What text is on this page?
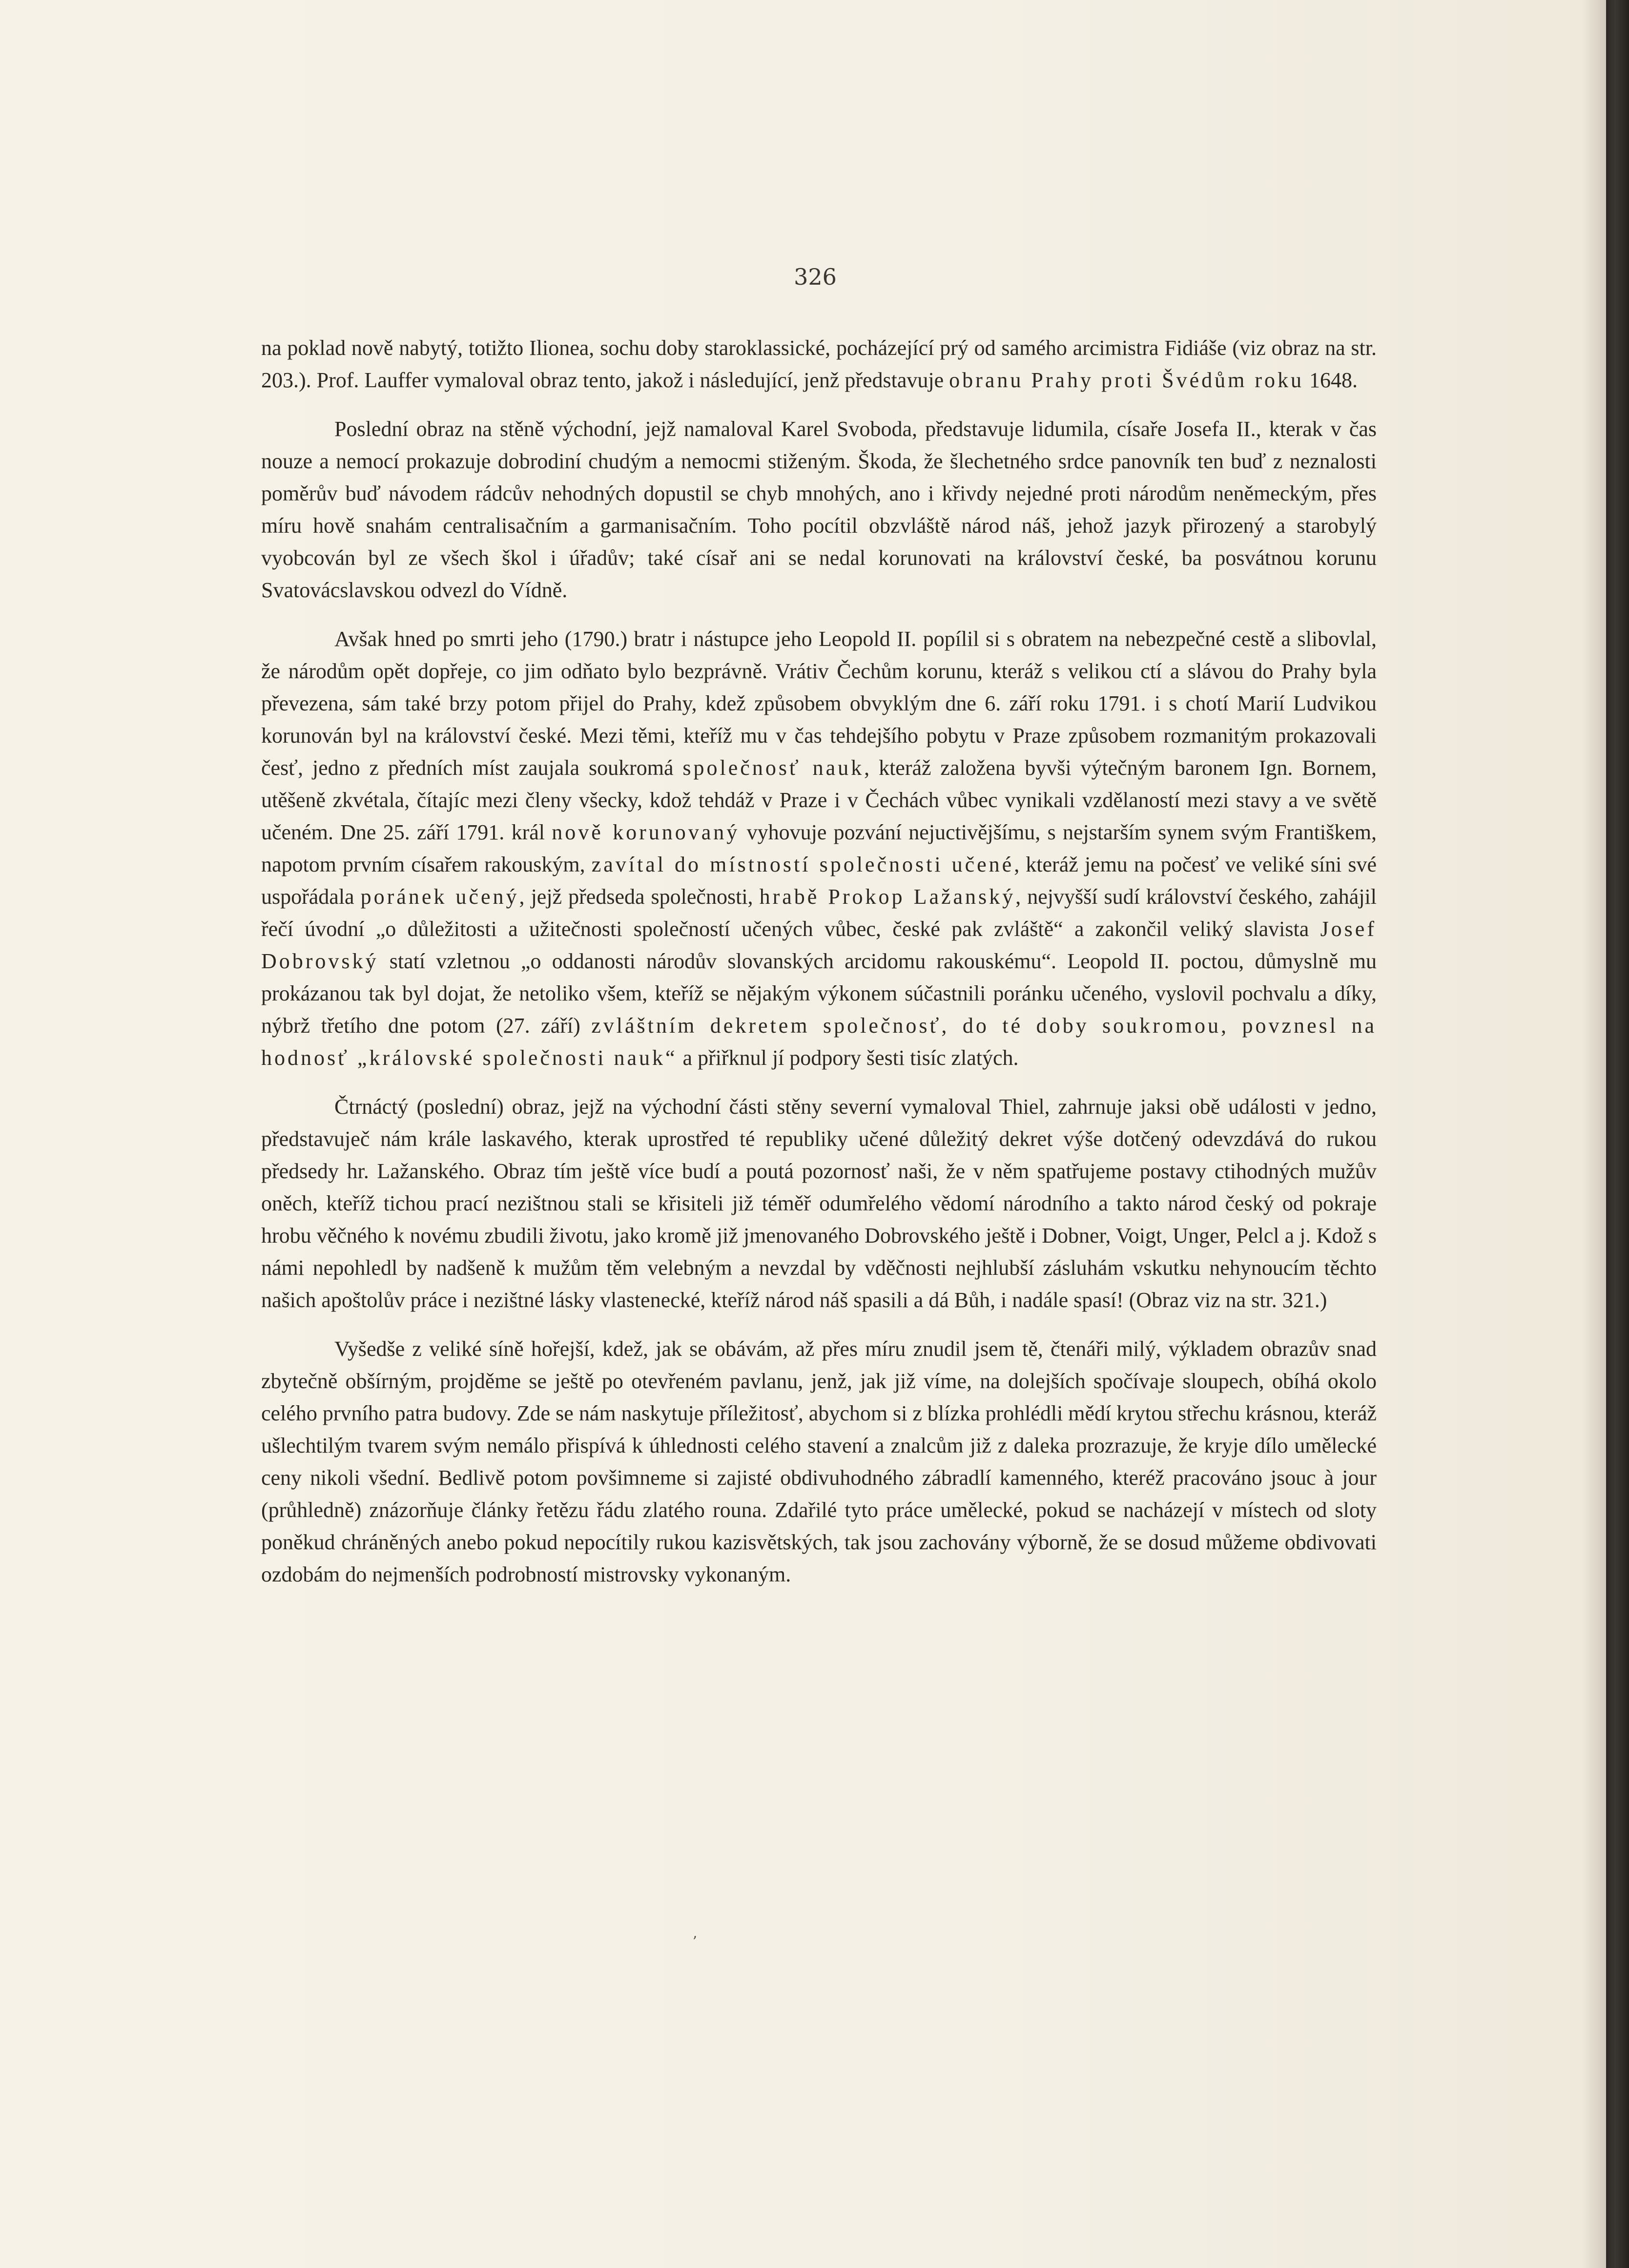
326

na poklad nově nabytý, totižto Ilionea, sochu doby staroklassické, pocházející prý od samého arcimistra Fidiáše (viz obraz na str. 203.). Prof. Lauffer vymaloval obraz tento, jakož i následující, jenž představuje obranu Prahy proti Švédům roku 1648.

Poslední obraz na stěně východní, jejž namaloval Karel Svoboda, představuje lidumila, císaře Josefa II., kterak v čas nouze a nemocí prokazuje dobrodiní chudým a nemocmi stiženým. Škoda, že šlechetného srdce panovník ten buď z neznalosti poměrův buď návodem rádcův nehodných dopustil se chyb mnohých, ano i křivdy nejedné proti národům neněmeckým, přes míru hově snahám centralisačním a garmanisačním. Toho pocítil obzvláště národ náš, jehož jazyk přirozený a starobylý vyobcován byl ze všech škol i úřadův; také císař ani se nedal korunovati na království české, ba posvátnou korunu Svatovácslavskou odvezl do Vídně.

Avšak hned po smrti jeho (1790.) bratr i nástupce jeho Leopold II. popílil si s obratem na nebezpečné cestě a slibovlal, že národům opět dopřeje, co jim odňato bylo bezprávně. Vrátiv Čechům korunu, kteráž s velikou ctí a slávou do Prahy byla převezena, sám také brzy potom přijel do Prahy, kdež způsobem obvyklým dne 6. září roku 1791. i s chotí Marií Ludvikou korunován byl na království české. Mezi těmi, kteříž mu v čas tehdejšího pobytu v Praze způsobem rozmanitým prokazovali česť, jedno z předních míst zaujala soukromá společnosť nauk, kteráž založena byvši výtečným baronem Ign. Bornem, utěšeně zkvétala, čítajíc mezi členy všecky, kdož tehdáž v Praze i v Čechách vůbec vynikali vzdělaností mezi stavy a ve světě učeném. Dne 25. září 1791. král nově korunovaný vyhovuje pozvání nejuctivějšímu, s nejstarším synem svým Františkem, napotom prvním císařem rakouským, zavítal do místností společnosti učené, kteráž jemu na počesť ve veliké síni své uspořádala poránek učený, jejž předseda společnosti, hrabě Prokop Lažanský, nejvyšší sudí království českého, zahájil řečí úvodní „o důležitosti a užitečnosti společností učených vůbec, české pak zvláště“ a zakončil veliký slavista Josef Dobrovský statí vzletnou „o oddanosti národův slovanských arcidomu rakouskému“. Leopold II. poctou, důmyslně mu prokázanou tak byl dojat, že netoliko všem, kteříž se nějakým výkonem súčastnili poránku učeného, vyslovil pochvalu a díky, nýbrž třetího dne potom (27. září) zvláštním dekretem společnosť, do té doby soukromou, povznesl na hodnosť „královské společnosti nauk“ a přiřknul jí podpory šesti tisíc zlatých.

Čtrnáctý (poslední) obraz, jejž na východní části stěny severní vymaloval Thiel, zahrnuje jaksi obě události v jedno, představuječ nám krále laskavého, kterak uprostřed té republiky učené důležitý dekret výše dotčený odevzdává do rukou předsedy hr. Lažanského. Obraz tím ještě více budí a poutá pozornosť naši, že v něm spatřujeme postavy ctihodných mužův oněch, kteříž tichou prací nezištnou stali se křisiteli již téměř odumřelého vědomí národního a takto národ český od pokraje hrobu věčného k novému zbudili životu, jako kromě již jmenovaného Dobrovského ještě i Dobner, Voigt, Unger, Pelcl a j. Kdož s námi nepohledl by nadšeně k mužům těm velebným a nevzdal by vděčnosti nejhlubší zásluhám vskutku nehynoucím těchto našich apoštolův práce i nezištné lásky vlastenecké, kteříž národ náš spasili a dá Bůh, i nadále spasí! (Obraz viz na str. 321.)

Vyšedše z veliké síně hořejší, kdež, jak se obávám, až přes míru znudil jsem tě, čtenáři milý, výkladem obrazův snad zbytečně obšírným, projděme se ještě po otevřeném pavlanu, jenž, jak již víme, na dolejších spočívaje sloupech, obíhá okolo celého prvního patra budovy. Zde se nám naskytuje příležitosť, abychom si z blízka prohlédli mědí krytou střechu krásnou, kteráž ušlechtilým tvarem svým nemálo přispívá k úhlednosti celého stavení a znalcům již z daleka prozrazuje, že kryje dílo umělecké ceny nikoli všední. Bedlivě potom povšimneme si zajisté obdivuhodného zábradlí kamenného, kteréž pracováno jsouc à jour (průhledně) znázorňuje články řetězu řádu zlatého rouna. Zdařilé tyto práce umělecké, pokud se nacházejí v místech od sloty poněkud chráněných anebo pokud nepocítily rukou kazisvětských, tak jsou zachovány výborně, že se dosud můžeme obdivovati ozdobám do nejmenších podrobností mistrovsky vykonaným.

ʼ
